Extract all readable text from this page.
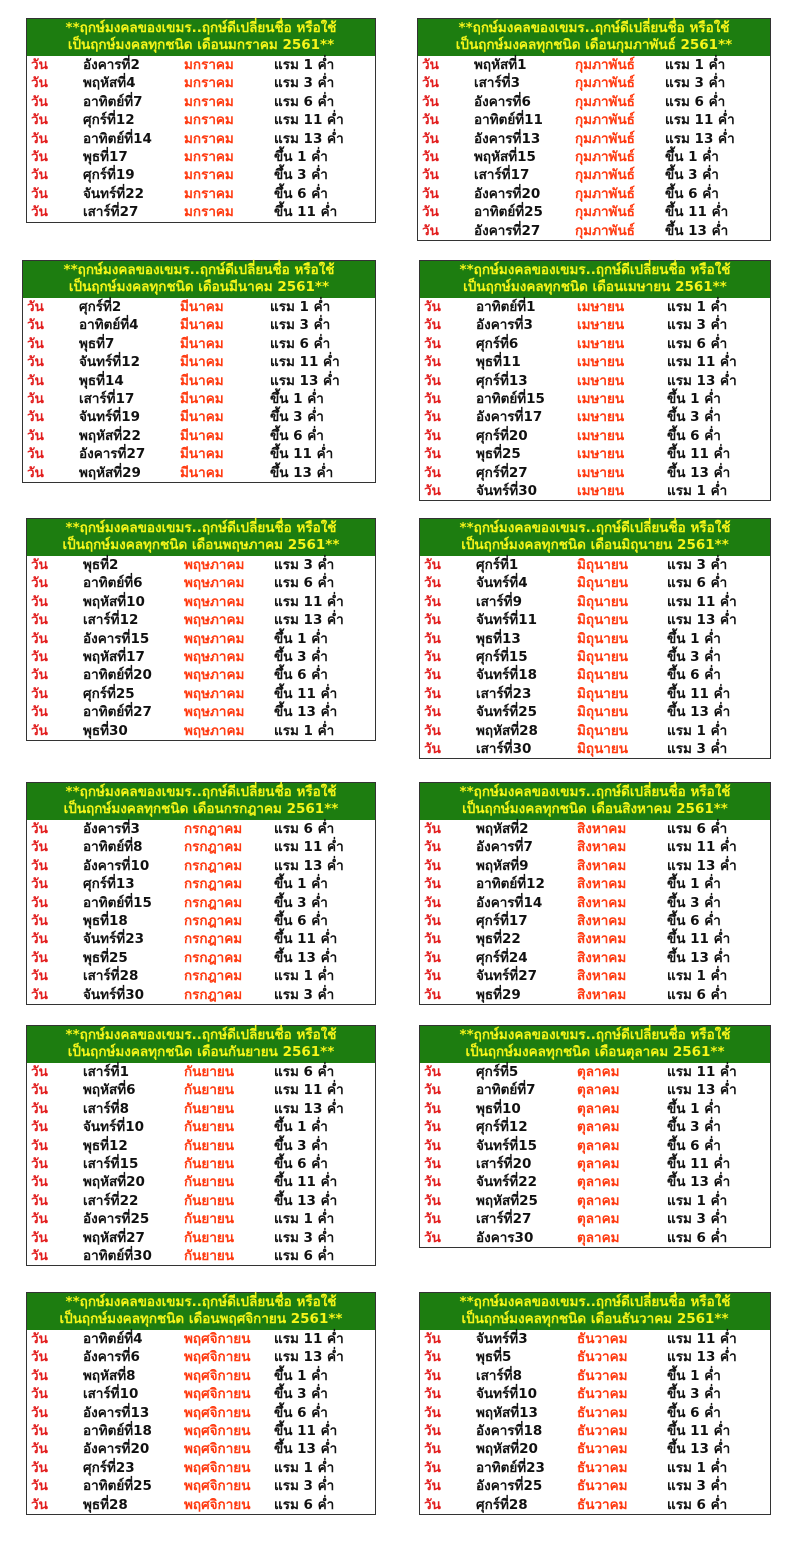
**ฤกษ์มงคลของเขมร..ฤกษ์ดีเปลี่ยนชื่อ หรือใช้
เป็นฤกษ์มงคลทุกชนิด เดือนมกราคม 2561**
วัน	อังคารที่2	มกราคม	แรม 1 ค่ำ
วัน	พฤหัสที่4	มกราคม	แรม 3 ค่ำ
วัน	อาทิตย์ที่7	มกราคม	แรม 6 ค่ำ
วัน	ศุกร์ที่12	มกราคม	แรม 11 ค่ำ
วัน	อาทิตย์ที่14 มกราคม	แรม 13 ค่ำ
วัน	พุธที่17	มกราคม	ขึ้น 1 ค่ำ
วัน	ศุกร์ที่19	มกราคม	ขึ้น 3 ค่ำ
วัน	จันทร์ที่22	มกราคม	ขึ้น 6 ค่ำ
วัน	เสาร์ที่27	มกราคม	ขึ้น 11 ค่ำ
**ฤกษ์มงคลของเขมร..ฤกษ์ดีเปลี่ยนชื่อ หรือใช้
เป็นฤกษ์มงคลทุกชนิด เดือนกุมภาพันธ์ 2561**
วัน	พฤหัสที่1	กุมภาพันธ์ แรม 1 ค่ำ
วัน	เสาร์ที่3	กุมภาพันธ์ แรม 3 ค่ำ
วัน	อังคารที่6	กุมภาพันธ์ แรม 6 ค่ำ
วัน	อาทิตย์ที่11 กุมภาพันธ์ แรม 11 ค่ำ
วัน	อังคารที่13	กุมภาพันธ์ แรม 13 ค่ำ
วัน	พฤหัสที่15	กุมภาพันธ์ ขึ้น 1 ค่ำ
วัน	เสาร์ที่17	กุมภาพันธ์ ขึ้น 3 ค่ำ
วัน	อังคารที่20	กุมภาพันธ์ ขึ้น 6 ค่ำ
วัน	อาทิตย์ที่25 กุมภาพันธ์ ขึ้น 11 ค่ำ
วัน	อังคารที่27	กุมภาพันธ์ ขึ้น 13 ค่ำ
**ฤกษ์มงคลของเขมร..ฤกษ์ดีเปลี่ยนชื่อ หรือใช้
เป็นฤกษ์มงคลทุกชนิด เดือนมีนาคม 2561**
วัน	ศุกร์ที่2	มีนาคม	แรม 1 ค่ำ
วัน	อาทิตย์ที่4	มีนาคม	แรม 3 ค่ำ
วัน	พุธที่7	มีนาคม	แรม 6 ค่ำ
วัน	จันทร์ที่12	มีนาคม	แรม 11 ค่ำ
วัน	พุธที่14	มีนาคม	แรม 13 ค่ำ
วัน	เสาร์ที่17	มีนาคม	ขึ้น 1 ค่ำ
วัน	จันทร์ที่19	มีนาคม	ขึ้น 3 ค่ำ
วัน	พฤหัสที่22	มีนาคม	ขึ้น 6 ค่ำ
วัน	อังคารที่27	มีนาคม	ขึ้น 11 ค่ำ
วัน	พฤหัสที่29	มีนาคม	ขึ้น 13 ค่ำ
**ฤกษ์มงคลของเขมร..ฤกษ์ดีเปลี่ยนชื่อ หรือใช้
เป็นฤกษ์มงคลทุกชนิด เดือนเมษายน 2561**
วัน	อาทิตย์ที่1	เมษายน	แรม 1 ค่ำ
วัน	อังคารที่3	เมษายน	แรม 3 ค่ำ
วัน	ศุกร์ที่6	เมษายน	แรม 6 ค่ำ
วัน	พุธที่11	เมษายน	แรม 11 ค่ำ
วัน	ศุกร์ที่13	เมษายน	แรม 13 ค่ำ
วัน	อาทิตย์ที่15 เมษายน	ขึ้น 1 ค่ำ
วัน	อังคารที่17	เมษายน	ขึ้น 3 ค่ำ
วัน	ศุกร์ที่20	เมษายน	ขึ้น 6 ค่ำ
วัน	พุธที่25	เมษายน	ขึ้น 11 ค่ำ
วัน	ศุกร์ที่27	เมษายน	ขึ้น 13 ค่ำ
วัน	จันทร์ที่30	เมษายน	แรม 1 ค่ำ
**ฤกษ์มงคลของเขมร..ฤกษ์ดีเปลี่ยนชื่อ หรือใช้
เป็นฤกษ์มงคลทุกชนิด เดือนพฤษภาคม 2561**
วัน	พุธที่2	พฤษภาคม แรม 3 ค่ำ
วัน	อาทิตย์ที่6	พฤษภาคม แรม 6 ค่ำ
วัน	พฤหัสที่10	พฤษภาคม แรม 11 ค่ำ
วัน	เสาร์ที่12	พฤษภาคม แรม 13 ค่ำ
วัน	อังคารที่15	พฤษภาคม ขึ้น 1 ค่ำ
วัน	พฤหัสที่17	พฤษภาคม ขึ้น 3 ค่ำ
วัน	อาทิตย์ที่20 พฤษภาคม ขึ้น 6 ค่ำ
วัน	ศุกร์ที่25	พฤษภาคม ขึ้น 11 ค่ำ
วัน	อาทิตย์ที่27 พฤษภาคม ขึ้น 13 ค่ำ
วัน	พุธที่30	พฤษภาคม แรม 1 ค่ำ
**ฤกษ์มงคลของเขมร..ฤกษ์ดีเปลี่ยนชื่อ หรือใช้
เป็นฤกษ์มงคลทุกชนิด เดือนมิถุนายน 2561**
วัน	ศุกร์ที่1	มิถุนายน	แรม 3 ค่ำ
วัน	จันทร์ที่4	มิถุนายน	แรม 6 ค่ำ
วัน	เสาร์ที่9	มิถุนายน	แรม 11 ค่ำ
วัน	จันทร์ที่11	มิถุนายน	แรม 13 ค่ำ
วัน	พุธที่13	มิถุนายน	ขึ้น 1 ค่ำ
วัน	ศุกร์ที่15	มิถุนายน	ขึ้น 3 ค่ำ
วัน	จันทร์ที่18	มิถุนายน	ขึ้น 6 ค่ำ
วัน	เสาร์ที่23	มิถุนายน	ขึ้น 11 ค่ำ
วัน	จันทร์ที่25	มิถุนายน	ขึ้น 13 ค่ำ
วัน	พฤหัสที่28	มิถุนายน	แรม 1 ค่ำ
วัน	เสาร์ที่30	มิถุนายน	แรม 3 ค่ำ
**ฤกษ์มงคลของเขมร..ฤกษ์ดีเปลี่ยนชื่อ หรือใช้
เป็นฤกษ์มงคลทุกชนิด เดือนกรกฎาคม 2561**
วัน	อังคารที่3	กรกฎาคม แรม 6 ค่ำ
วัน	อาทิตย์ที่8	กรกฎาคม แรม 11 ค่ำ
วัน	อังคารที่10	กรกฎาคม แรม 13 ค่ำ
วัน	ศุกร์ที่13	กรกฎาคม ขึ้น 1 ค่ำ
วัน	อาทิตย์ที่15 กรกฎาคม ขึ้น 3 ค่ำ
วัน	พุธที่18	กรกฎาคม ขึ้น 6 ค่ำ
วัน	จันทร์ที่23	กรกฎาคม ขึ้น 11 ค่ำ
วัน	พุธที่25	กรกฎาคม ขึ้น 13 ค่ำ
วัน	เสาร์ที่28	กรกฎาคม แรม 1 ค่ำ
วัน	จันทร์ที่30	กรกฎาคม แรม 3 ค่ำ
**ฤกษ์มงคลของเขมร..ฤกษ์ดีเปลี่ยนชื่อ หรือใช้
เป็นฤกษ์มงคลทุกชนิด เดือนสิงหาคม 2561**
วัน	พฤหัสที่2	สิงหาคม	แรม 6 ค่ำ
วัน	อังคารที่7	สิงหาคม	แรม 11 ค่ำ
วัน	พฤหัสที่9	สิงหาคม	แรม 13 ค่ำ
วัน	อาทิตย์ที่12 สิงหาคม	ขึ้น 1 ค่ำ
วัน	อังคารที่14	สิงหาคม	ขึ้น 3 ค่ำ
วัน	ศุกร์ที่17	สิงหาคม	ขึ้น 6 ค่ำ
วัน	พุธที่22	สิงหาคม	ขึ้น 11 ค่ำ
วัน	ศุกร์ที่24	สิงหาคม	ขึ้น 13 ค่ำ
วัน	จันทร์ที่27	สิงหาคม	แรม 1 ค่ำ
วัน	พุธที่29	สิงหาคม	แรม 6 ค่ำ
**ฤกษ์มงคลของเขมร..ฤกษ์ดีเปลี่ยนชื่อ หรือใช้
เป็นฤกษ์มงคลทุกชนิด เดือนกันยายน 2561**
วัน	เสาร์ที่1	กันยายน	แรม 6 ค่ำ
วัน	พฤหัสที่6	กันยายน	แรม 11 ค่ำ
วัน	เสาร์ที่8	กันยายน	แรม 13 ค่ำ
วัน	จันทร์ที่10	กันยายน	ขึ้น 1 ค่ำ
วัน	พุธที่12	กันยายน	ขึ้น 3 ค่ำ
วัน	เสาร์ที่15	กันยายน	ขึ้น 6 ค่ำ
วัน	พฤหัสที่20	กันยายน	ขึ้น 11 ค่ำ
วัน	เสาร์ที่22	กันยายน	ขึ้น 13 ค่ำ
วัน	อังคารที่25	กันยายน	แรม 1 ค่ำ
วัน	พฤหัสที่27	กันยายน	แรม 3 ค่ำ
วัน	อาทิตย์ที่30 กันยายน	แรม 6 ค่ำ
**ฤกษ์มงคลของเขมร..ฤกษ์ดีเปลี่ยนชื่อ หรือใช้
เป็นฤกษ์มงคลทุกชนิด เดือนตุลาคม 2561**
วัน	ศุกร์ที่5	ตุลาคม	แรม 11 ค่ำ
วัน	อาทิตย์ที่7	ตุลาคม	แรม 13 ค่ำ
วัน	พุธที่10	ตุลาคม	ขึ้น 1 ค่ำ
วัน	ศุกร์ที่12	ตุลาคม	ขึ้น 3 ค่ำ
วัน	จันทร์ที่15	ตุลาคม	ขึ้น 6 ค่ำ
วัน	เสาร์ที่20	ตุลาคม	ขึ้น 11 ค่ำ
วัน	จันทร์ที่22	ตุลาคม	ขึ้น 13 ค่ำ
วัน	พฤหัสที่25	ตุลาคม	แรม 1 ค่ำ
วัน	เสาร์ที่27	ตุลาคม	แรม 3 ค่ำ
วัน	อังคาร30	ตุลาคม	แรม 6 ค่ำ
**ฤกษ์มงคลของเขมร..ฤกษ์ดีเปลี่ยนชื่อ หรือใช้
เป็นฤกษ์มงคลทุกชนิด เดือนพฤศจิกายน 2561**
วัน	อาทิตย์ที่4	พฤศจิกายน แรม 11 ค่ำ
วัน	อังคารที่6	พฤศจิกายน แรม 13 ค่ำ
วัน	พฤหัสที่8	พฤศจิกายน ขึ้น 1 ค่ำ
วัน	เสาร์ที่10	พฤศจิกายน ขึ้น 3 ค่ำ
วัน	อังคารที่13	พฤศจิกายน ขึ้น 6 ค่ำ
วัน	อาทิตย์ที่18 พฤศจิกายน ขึ้น 11 ค่ำ
วัน	อังคารที่20	พฤศจิกายน ขึ้น 13 ค่ำ
วัน	ศุกร์ที่23	พฤศจิกายน แรม 1 ค่ำ
วัน	อาทิตย์ที่25 พฤศจิกายน แรม 3 ค่ำ
วัน	พุธที่28	พฤศจิกายน แรม 6 ค่ำ
**ฤกษ์มงคลของเขมร..ฤกษ์ดีเปลี่ยนชื่อ หรือใช้
เป็นฤกษ์มงคลทุกชนิด เดือนธันวาคม 2561**
วัน	จันทร์ที่3	ธันวาคม	แรม 11 ค่ำ
วัน	พุธที่5	ธันวาคม	แรม 13 ค่ำ
วัน	เสาร์ที่8	ธันวาคม	ขึ้น 1 ค่ำ
วัน	จันทร์ที่10	ธันวาคม	ขึ้น 3 ค่ำ
วัน	พฤหัสที่13	ธันวาคม	ขึ้น 6 ค่ำ
วัน	อังคารที่18	ธันวาคม	ขึ้น 11 ค่ำ
วัน	พฤหัสที่20	ธันวาคม	ขึ้น 13 ค่ำ
วัน	อาทิตย์ที่23 ธันวาคม	แรม 1 ค่ำ
วัน	อังคารที่25	ธันวาคม	แรม 3 ค่ำ
วัน	ศุกร์ที่28	ธันวาคม	แรม 6 ค่ำ
